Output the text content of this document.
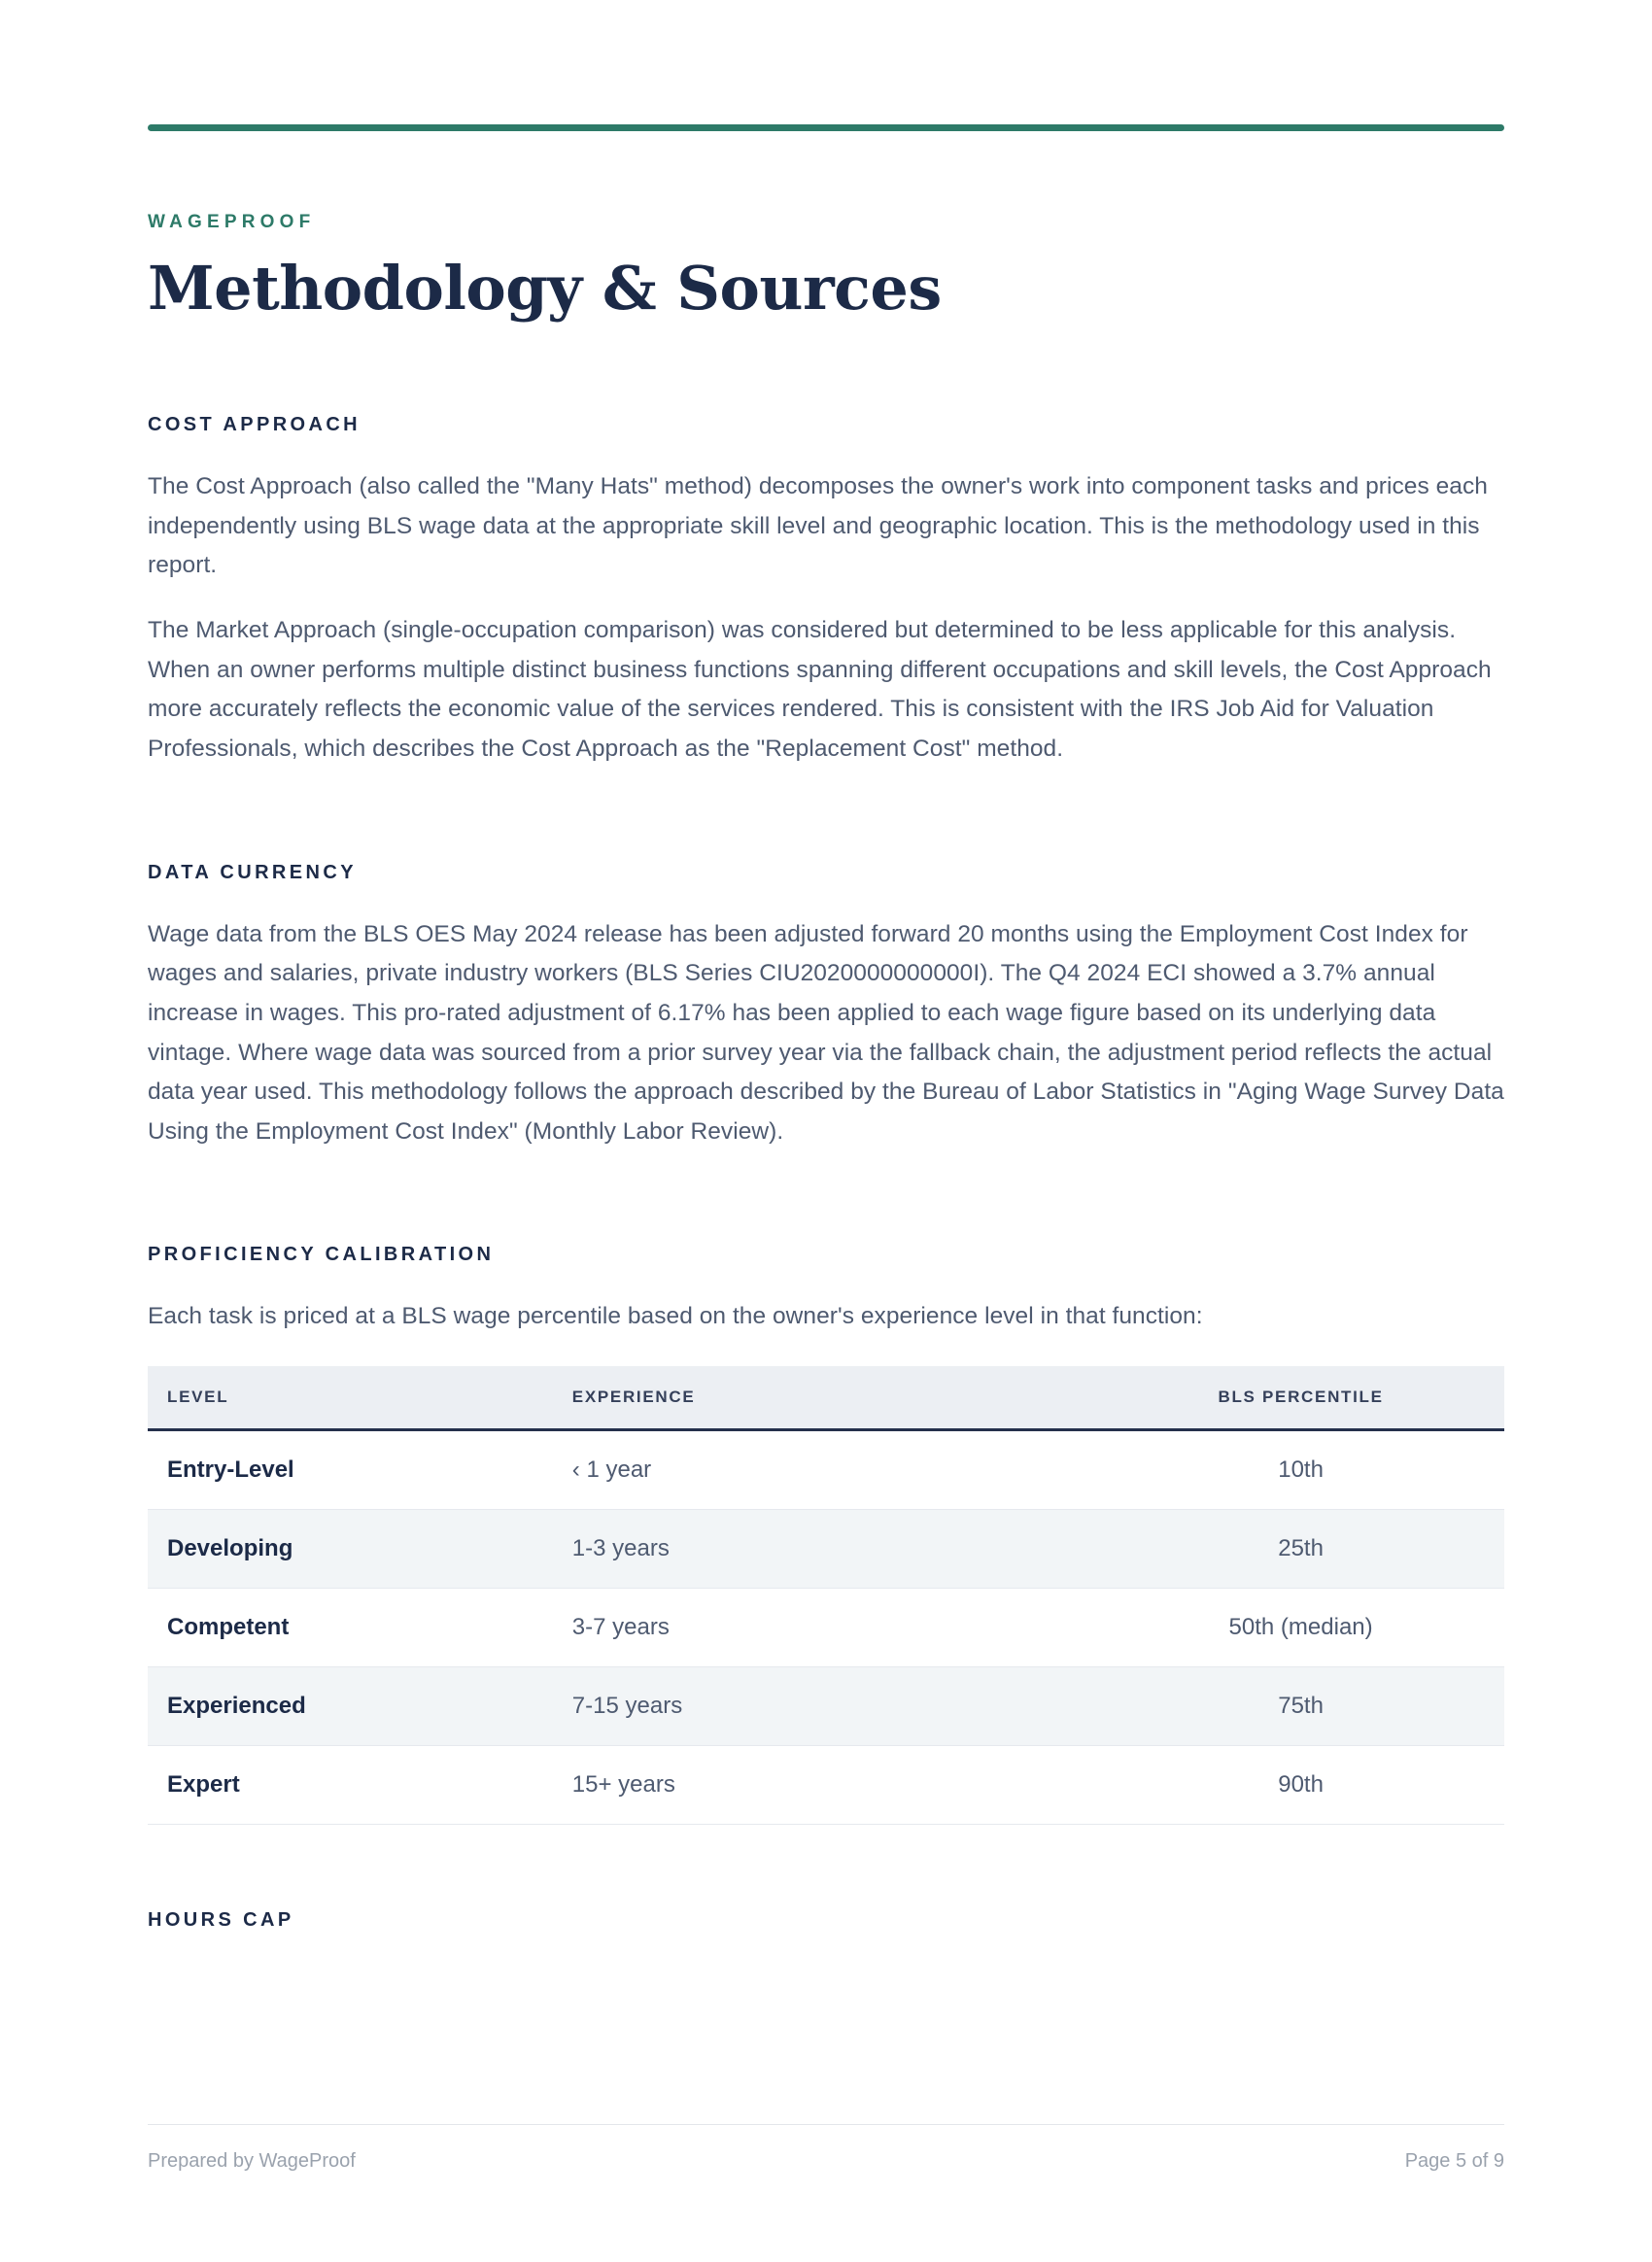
WAGEPROOF
Methodology & Sources
COST APPROACH

The Cost Approach (also called the "Many Hats" method) decomposes the owner's work into component tasks and prices each independently using BLS wage data at the appropriate skill level and geographic location. This is the methodology used in this report.

The Market Approach (single-occupation comparison) was considered but determined to be less applicable for this analysis. When an owner performs multiple distinct business functions spanning different occupations and skill levels, the Cost Approach more accurately reflects the economic value of the services rendered. This is consistent with the IRS Job Aid for Valuation Professionals, which describes the Cost Approach as the "Replacement Cost" method.

DATA CURRENCY

Wage data from the BLS OES May 2024 release has been adjusted forward 20 months using the Employment Cost Index for wages and salaries, private industry workers (BLS Series CIU2020000000000I). The Q4 2024 ECI showed a 3.7% annual increase in wages. This pro-rated adjustment of 6.17% has been applied to each wage figure based on its underlying data vintage. Where wage data was sourced from a prior survey year via the fallback chain, the adjustment period reflects the actual data year used. This methodology follows the approach described by the Bureau of Labor Statistics in "Aging Wage Survey Data Using the Employment Cost Index" (Monthly Labor Review).

PROFICIENCY CALIBRATION

Each task is priced at a BLS wage percentile based on the owner's experience level in that function:

LEVEL	EXPERIENCE	BLS PERCENTILE
Entry-Level	‹ 1 year	10th
Developing	1-3 years	25th
Competent	3-7 years	50th (median)
Experienced	7-15 years	75th
Expert	15+ years	90th
HOURS CAP
Prepared by WageProof	Page 5 of 9
